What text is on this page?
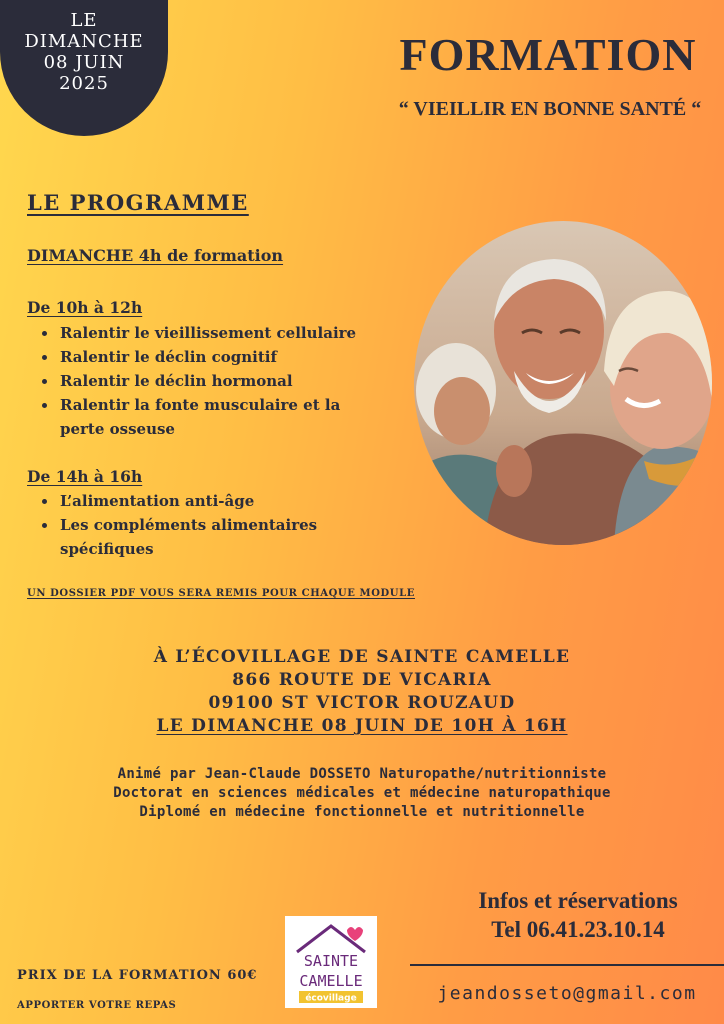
LE
DIMANCHE
08 JUIN
2025
FORMATION
“ VIEILLIR EN BONNE SANTÉ “
LE PROGRAMME
DIMANCHE 4h de formation
De 10h à 12h
Ralentir le vieillissement cellulaire
Ralentir le déclin cognitif
Ralentir le déclin hormonal
Ralentir la fonte musculaire et la perte osseuse
De 14h à 16h
L’alimentation anti-âge
Les compléments alimentaires spécifiques
UN DOSSIER PDF VOUS SERA REMIS POUR CHAQUE MODULE
À L’ÉCOVILLAGE DE SAINTE CAMELLE
866 ROUTE DE VICARIA
09100 ST VICTOR ROUZAUD
LE DIMANCHE 08 JUIN DE 10H À 16H
Animé par Jean-Claude DOSSETO Naturopathe/nutritionniste
Doctorat en sciences médicales et médecine naturopathique
Diplomé en médecine fonctionnelle et nutritionnelle
Infos et réservations
Tel 06.41.23.10.14
jeandosseto@gmail.com
PRIX DE LA FORMATION 60€
APPORTER VOTRE REPAS
SAINTE
CAMELLE
écovillage
